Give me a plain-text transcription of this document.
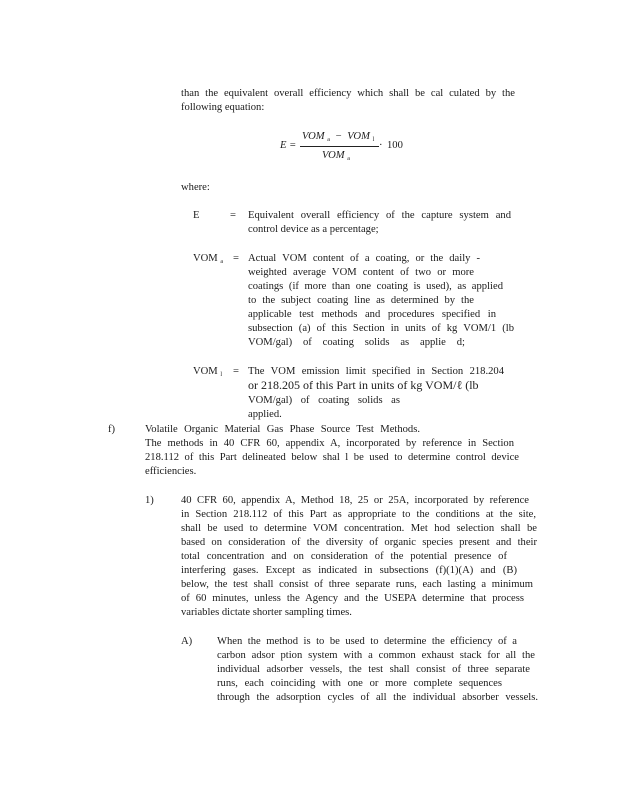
than the equivalent overall efficiency which shall be cal culated by the
following equation:
E =
VOM $_a$ − VOM $_l$
VOM $_a$
· 100
where:
E	= Equivalent overall efficiency of the capture system and
control device as a percentage;
VOM $_a$ = Actual VOM content of a coating, or the daily -
weighted average VOM content of two or more
coatings (if more than one coating is used), as applied
to the subject coating line as determined by the
applicable test methods and procedures specified in
subsection (a) of this Section in units of kg VOM/1 (lb
VOM/gal) of coating solids as applie d;
VOM $_l$ = The VOM emission limit specified in Section 218.204
or 218.205 of this Part in units of kg VOM/ℓ (lb
VOM/gal) of coating solids as applied.
f)	Volatile Organic Material Gas Phase Source Test Methods.
The methods in 40 CFR 60, appendix A, incorporated by reference in Section
218.112 of this Part delineated below shal l be used to determine control device
efficiencies.
1)	40 CFR 60, appendix A, Method 18, 25 or 25A, incorporated by reference
in Section 218.112 of this Part as appropriate to the conditions at the site,
shall be used to determine VOM concentration. Met hod selection shall be
based on consideration of the diversity of organic species present and their
total concentration and on consideration of the potential presence of
interfering gases. Except as indicated in subsections (f)(1)(A) and (B)
below, the test shall consist of three separate runs, each lasting a minimum
of 60 minutes, unless the Agency and the USEPA determine that process
variables dictate shorter sampling times.
A) When the method is to be used to determine the efficiency of a
carbon adsor ption system with a common exhaust stack for all the
individual adsorber vessels, the test shall consist of three separate
runs, each coinciding with one or more complete sequences
through the adsorption cycles of all the individual absorber vessels.
